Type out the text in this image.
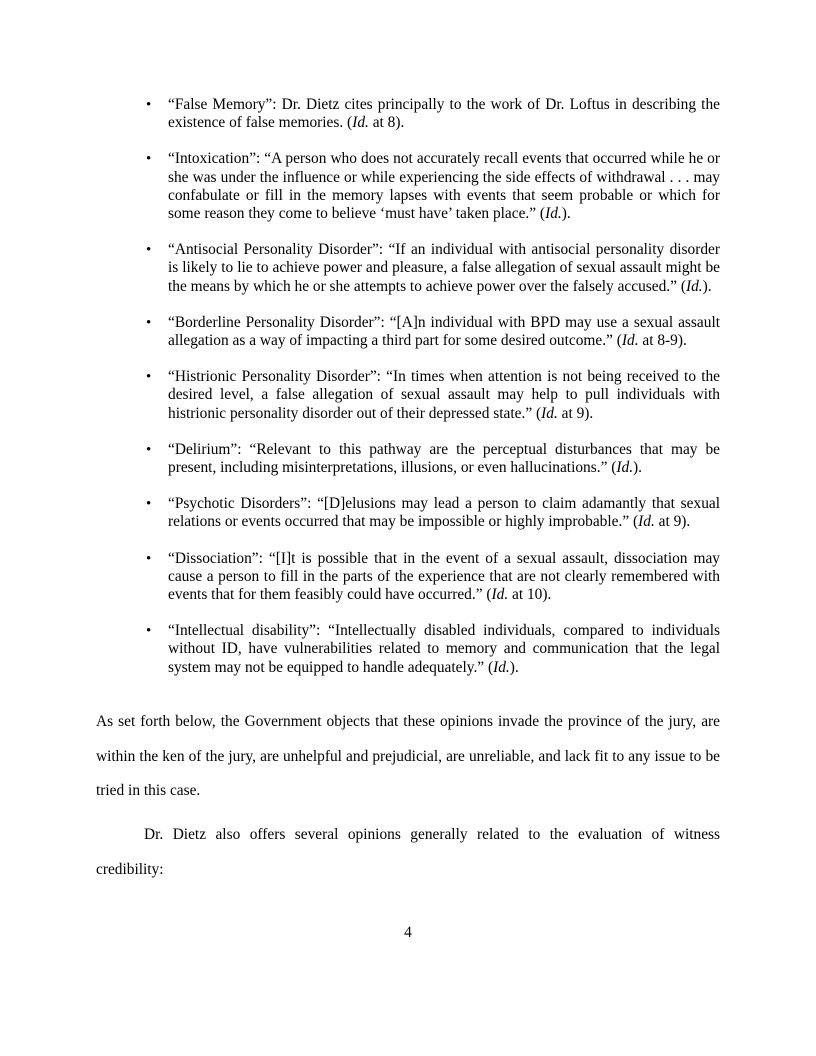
• “False Memory”: Dr. Dietz cites principally to the work of Dr. Loftus in describing the existence of false memories. (Id. at 8).
• “Intoxication”: “A person who does not accurately recall events that occurred while he or she was under the influence or while experiencing the side effects of withdrawal . . . may confabulate or fill in the memory lapses with events that seem probable or which for some reason they come to believe ‘must have’ taken place.” (Id.).
• “Antisocial Personality Disorder”: “If an individual with antisocial personality disorder is likely to lie to achieve power and pleasure, a false allegation of sexual assault might be the means by which he or she attempts to achieve power over the falsely accused.” (Id.).
• “Borderline Personality Disorder”: “[A]n individual with BPD may use a sexual assault allegation as a way of impacting a third part for some desired outcome.” (Id. at 8-9).
• “Histrionic Personality Disorder”: “In times when attention is not being received to the desired level, a false allegation of sexual assault may help to pull individuals with histrionic personality disorder out of their depressed state.” (Id. at 9).
• “Delirium”: “Relevant to this pathway are the perceptual disturbances that may be present, including misinterpretations, illusions, or even hallucinations.” (Id.).
• “Psychotic Disorders”: “[D]elusions may lead a person to claim adamantly that sexual relations or events occurred that may be impossible or highly improbable.” (Id. at 9).
• “Dissociation”: “[I]t is possible that in the event of a sexual assault, dissociation may cause a person to fill in the parts of the experience that are not clearly remembered with events that for them feasibly could have occurred.” (Id. at 10).
• “Intellectual disability”: “Intellectually disabled individuals, compared to individuals without ID, have vulnerabilities related to memory and communication that the legal system may not be equipped to handle adequately.” (Id.).

As set forth below, the Government objects that these opinions invade the province of the jury, are within the ken of the jury, are unhelpful and prejudicial, are unreliable, and lack fit to any issue to be tried in this case.

Dr. Dietz also offers several opinions generally related to the evaluation of witness credibility:

4
